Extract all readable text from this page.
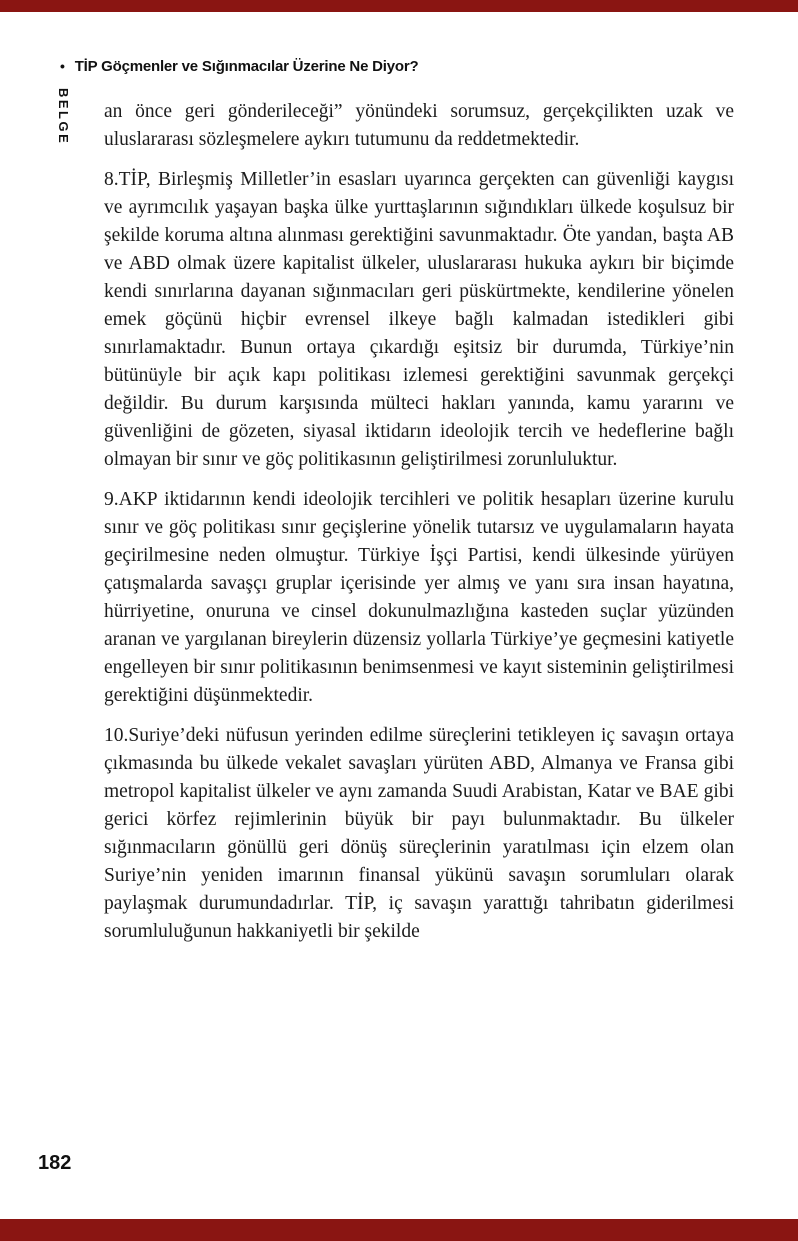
• TİP Göçmenler ve Sığınmacılar Üzerine Ne Diyor?
BELGE an önce geri gönderileceği” yönündeki sorumsuz, gerçekçilikten uzak ve uluslararası sözleşmelere aykırı tutumunu da reddetmektedir.

8.TİP, Birleşmiş Milletler’in esasları uyarınca gerçekten can güvenliği kaygısı ve ayrımcılık yaşayan başka ülke yurttaşlarının sığındıkları ülkede koşulsuz bir şekilde koruma altına alınması gerektiğini savunmaktadır. Öte yandan, başta AB ve ABD olmak üzere kapitalist ülkeler, uluslararası hukuka aykırı bir biçimde kendi sınırlarına dayanan sığınmacıları geri püskürtmekte, kendilerine yönelen emek göçünü hiçbir evrensel ilkeye bağlı kalmadan istedikleri gibi sınırlamaktadır. Bunun ortaya çıkardığı eşitsiz bir durumda, Türkiye’nin bütünüyle bir açık kapı politikası izlemesi gerektiğini savunmak gerçekçi değildir. Bu durum karşısında mülteci hakları yanında, kamu yararını ve güvenliğini de gözeten, siyasal iktidarın ideolojik tercih ve hedeflerine bağlı olmayan bir sınır ve göç politikasının geliştirilmesi zorunluluktur.

9.AKP iktidarının kendi ideolojik tercihleri ve politik hesapları üzerine kurulu sınır ve göç politikası sınır geçişlerine yönelik tutarsız ve uygulamaların hayata geçirilmesine neden olmuştur. Türkiye İşçi Partisi, kendi ülkesinde yürüyen çatışmalarda savaşçı gruplar içerisinde yer almış ve yanı sıra insan hayatına, hürriyetine, onuruna ve cinsel dokunulmazlığına kasteden suçlar yüzünden aranan ve yargılanan bireylerin düzensiz yollarla Türkiye’ye geçmesini katiyetle engelleyen bir sınır politikasının benimsenmesi ve kayıt sisteminin geliştirilmesi gerektiğini düşünmektedir.

10.Suriye’deki nüfusun yerinden edilme süreçlerini tetikleyen iç savaşın ortaya çıkmasında bu ülkede vekalet savaşları yürüten ABD, Almanya ve Fransa gibi metropol kapitalist ülkeler ve aynı zamanda Suudi Arabistan, Katar ve BAE gibi gerici körfez rejimlerinin büyük bir payı bulunmaktadır. Bu ülkeler sığınmacıların gönüllü geri dönüş süreçlerinin yaratılması için elzem olan Suriye’nin yeniden imarının finansal yükünü savaşın sorumluları olarak paylaşmak durumundadırlar. TİP, iç savaşın yarattığı tahribatın giderilmesi sorumluluğunun hakkaniyetli bir şekilde

182
